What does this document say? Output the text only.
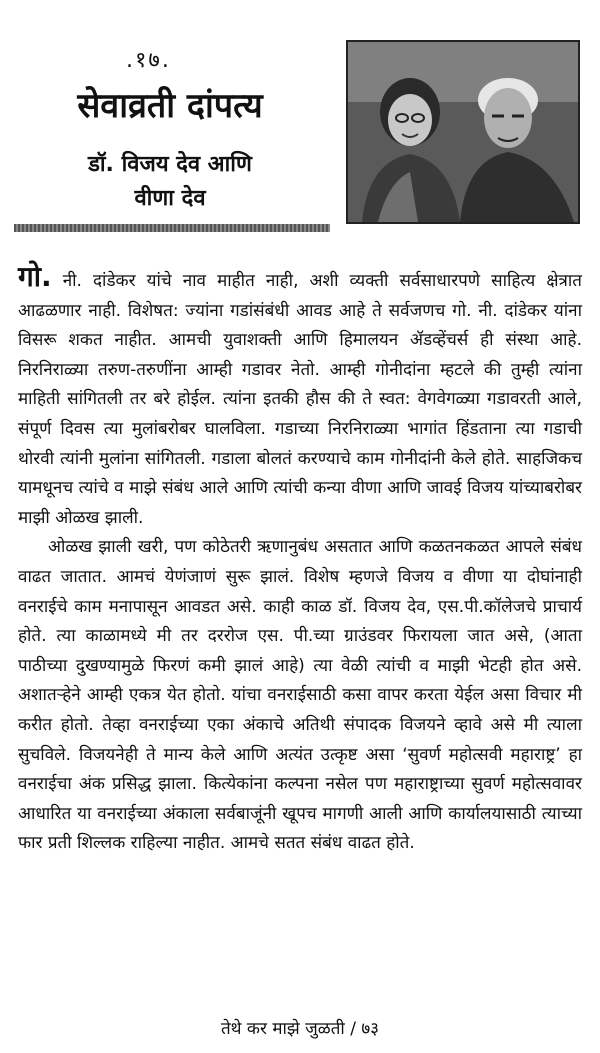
.१७.
सेवाव्रती दांपत्य
डॉ. विजय देव आणि
वीणा देव

गो. नी. दांडेकर यांचे नाव माहीत नाही, अशी व्यक्ती सर्वसाधारपणे साहित्य क्षेत्रात आढळणार नाही. विशेषत: ज्यांना गडांसंबंधी आवड आहे ते सर्वजणच गो. नी. दांडेकर यांना विसरू शकत नाहीत. आमची युवाशक्ती आणि हिमालयन ॲडव्हेंचर्स ही संस्था आहे. निरनिराळ्या तरुण-तरुणींना आम्ही गडावर नेतो. आम्ही गोनीदांना म्हटले की तुम्ही त्यांना माहिती सांगितली तर बरे होईल. त्यांना इतकी हौस की ते स्वत: वेगवेगळ्या गडावरती आले, संपूर्ण दिवस त्या मुलांबरोबर घालविला. गडाच्या निरनिराळ्या भागांत हिंडताना त्या गडाची थोरवी त्यांनी मुलांना सांगितली. गडाला बोलतं करण्याचे काम गोनीदांनी केले होते. साहजिकच यामधूनच त्यांचे व माझे संबंध आले आणि त्यांची कन्या वीणा आणि जावई विजय यांच्याबरोबर माझी ओळख झाली.

ओळख झाली खरी, पण कोठेतरी ऋणानुबंध असतात आणि कळतनकळत आपले संबंध वाढत जातात. आमचं येणंजाणं सुरू झालं. विशेष म्हणजे विजय व वीणा या दोघांनाही वनराईचे काम मनापासून आवडत असे. काही काळ डॉ. विजय देव, एस.पी.कॉलेजचे प्राचार्य होते. त्या काळामध्ये मी तर दररोज एस. पी.च्या ग्राउंडवर फिरायला जात असे, (आता पाठीच्या दुखण्यामुळे फिरणं कमी झालं आहे) त्या वेळी त्यांची व माझी भेटही होत असे. अशातऱ्हेने आम्ही एकत्र येत होतो. यांचा वनराईसाठी कसा वापर करता येईल असा विचार मी करीत होतो. तेव्हा वनराईच्या एका अंकाचे अतिथी संपादक विजयने व्हावे असे मी त्याला सुचविले. विजयनेही ते मान्य केले आणि अत्यंत उत्कृष्ट असा ‘सुवर्ण महोत्सवी महाराष्ट्र’ हा वनराईचा अंक प्रसिद्ध झाला. कित्येकांना कल्पना नसेल पण महाराष्ट्राच्या सुवर्ण महोत्सवावर आधारित या वनराईच्या अंकाला सर्वबाजूंनी खूपच मागणी आली आणि कार्यालयासाठी त्याच्या फार प्रती शिल्लक राहिल्या नाहीत. आमचे सतत संबंध वाढत होते.

तेथे कर माझे जुळती / ७३
